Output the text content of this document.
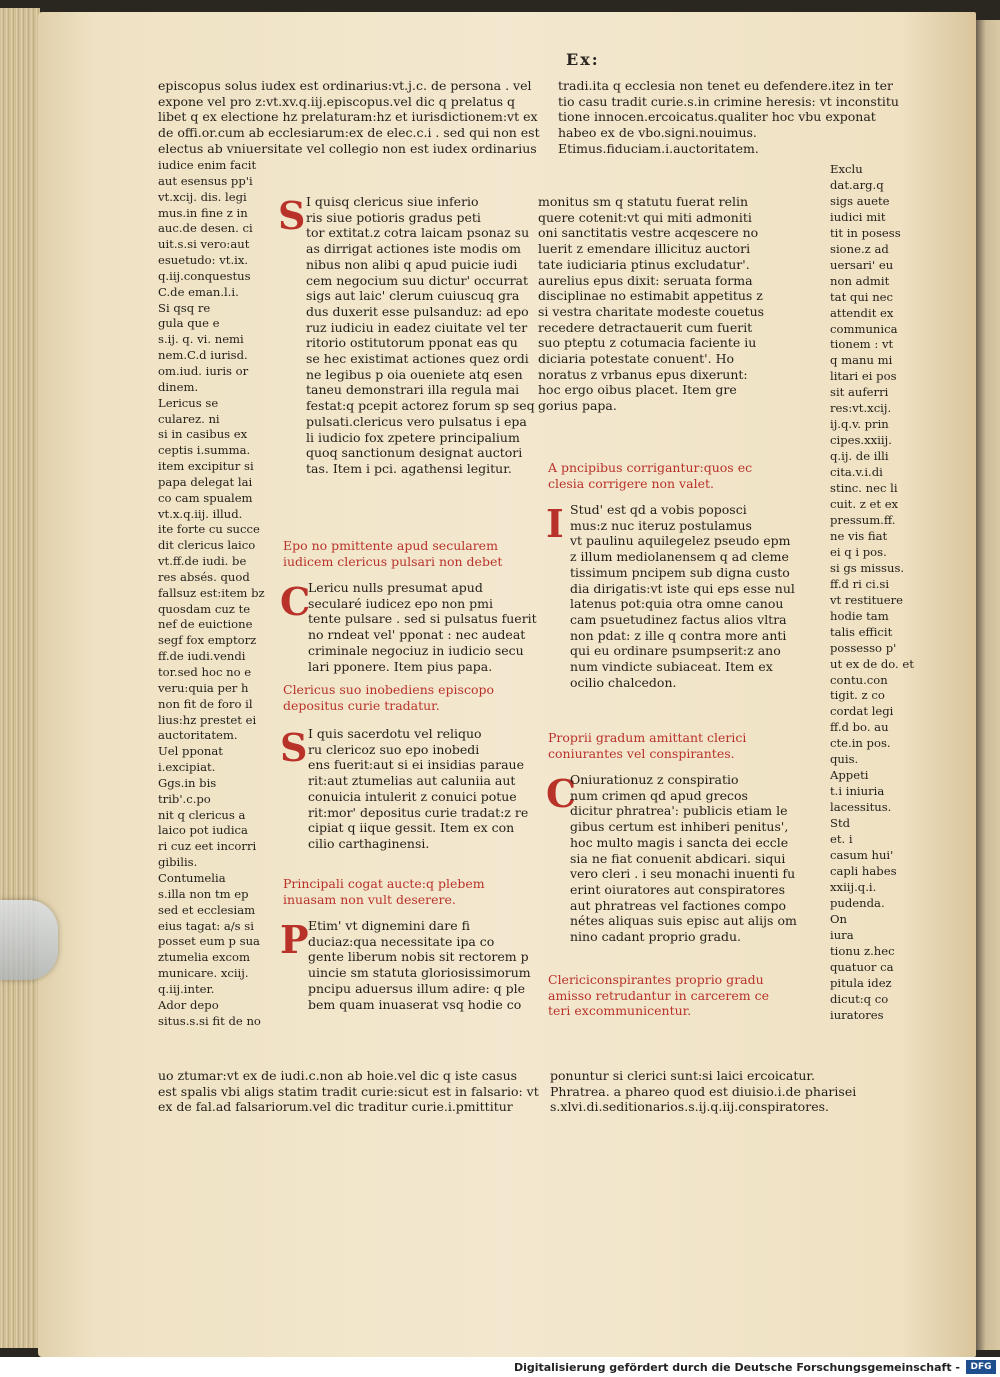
Ex:
episcopus solus iudex est ordinarius:vt.j.c. de persona . vel
expone vel pro z:vt.xv.q.iij.episcopus.vel dic q prelatus q
libet q ex electione hz prelaturam:hz et iurisdictionem:vt ex
de offi.or.cum ab ecclesiarum:ex de elec.c.i . sed qui non est
electus ab vniuersitate vel collegio non est iudex ordinarius
tradi.ita q ecclesia non tenet eu defendere.itez in ter
tio casu tradit curie.s.in crimine heresis: vt inconstitu
tione innocen.ercoicatus.qualiter hoc vbu exponat
habeo ex de vbo.signi.nouimus.
Etimus.fiduciam.i.auctoritatem.
iudice enim facit
aut esensus pp'i
vt.xcij. dis. legi
mus.in fine z in
auc.de desen. ci
uit.s.si vero:aut
esuetudo: vt.ix.
q.iij.conquestus
C.de eman.l.i.
Si qsq re
gula que e
s.ij. q. vi. nemi
nem.C.d iurisd.
om.iud. iuris or
dinem.
Lericus se
cularez. ni
si in casibus ex
ceptis i.summa.
item excipitur si
papa delegat lai
co cam spualem
vt.x.q.iij. illud.
ite forte cu succe
dit clericus laico
vt.ff.de iudi. be
res absés. quod
fallsuz est:item bz
quosdam cuz te
nef de euictione
segf fox emptorz
ff.de iudi.vendi
tor.sed hoc no e
veru:quia per h
non fit de foro il
lius:hz prestet ei
auctoritatem.
Uel pponat
i.excipiat.
Ggs.in bis
trib'.c.po
nit q clericus a
laico pot iudica
ri cuz eet incorri
gibilis.
Contumelia
s.illa non tm ep
sed et ecclesiam
eius tagat: a/s si
posset eum p sua
ztumelia excom
municare. xciij.
q.iij.inter.
Ador depo
situs.s.si fit de no
S I quisq clericus siue inferio
ris siue potioris gradus peti
tor extitat.z cotra laicam psonaz su
as dirrigat actiones iste modis om
nibus non alibi q apud puicie iudi
cem negocium suu dictur' occurrat
sigs aut laic' clerum cuiuscuq gra
dus duxerit esse pulsanduz: ad epo
ruz iudiciu in eadez ciuitate vel ter
ritorio ostitutorum pponat eas qu
se hec existimat actiones quez ordi
ne legibus p oia oueniete atq esen
taneu demonstrari illa regula mai
festat:q pcepit actorez forum sp seq
pulsati.clericus vero pulsatus i epa
li iudicio fox zpetere principalium
quoq sanctionum designat auctori
tas. Item i pci. agathensi legitur.
Epo no pmittente apud secularem
iudicem clericus pulsari non debet
C
Lericu nulls presumat apud
secularé iudicez epo non pmi
tente pulsare . sed si pulsatus fuerit
no rndeat vel' pponat : nec audeat
criminale negociuz in iudicio secu
lari pponere. Item pius papa.
Clericus suo inobediens episcopo
depositus curie tradatur.
S I quis sacerdotu vel reliquo
ru clericoz suo epo inobedi
ens fuerit:aut si ei insidias paraue
rit:aut ztumelias aut caluniia aut
conuicia intulerit z conuici potue
rit:mor' depositus curie tradat:z re
cipiat q iique gessit. Item ex con
cilio carthaginensi.
Principali cogat aucte:q plebem
inuasam non vult deserere.
P Etim' vt dignemini dare fi
duciaz:qua necessitate ipa co
gente liberum nobis sit rectorem p
uincie sm statuta gloriosissimorum
pncipu aduersus illum adire: q ple
bem quam inuaserat vsq hodie co
monitus sm q statutu fuerat relin
quere cotenit:vt qui miti admoniti
oni sanctitatis vestre acqescere no
luerit z emendare illicituz auctori
tate iudiciaria ptinus excludatur'.
aurelius epus dixit: seruata forma
disciplinae no estimabit appetitus z
si vestra charitate modeste couetus
recedere detractauerit cum fuerit
suo pteptu z cotumacia faciente iu
diciaria potestate conuent'. Ho
noratus z vrbanus epus dixerunt:
hoc ergo oibus placet. Item gre
gorius papa.
A pncipibus corrigantur:quos ec
clesia corrigere non valet.
I Stud' est qd a vobis poposci
mus:z nuc iteruz postulamus
vt paulinu aquilegelez pseudo epm
z illum mediolanensem q ad cleme
tissimum pncipem sub digna custo
dia dirigatis:vt iste qui eps esse nul
latenus pot:quia otra omne canou
cam psuetudinez factus alios vltra
non pdat: z ille q contra more anti
qui eu ordinare psumpserit:z ano
num vindicte subiaceat. Item ex
ocilio chalcedon.
Proprii gradum amittant clerici
coniurantes vel conspirantes.
C
Oniurationuz z conspiratio
num crimen qd apud grecos
dicitur phratrea': publicis etiam le
gibus certum est inhiberi penitus',
hoc multo magis i sancta dei eccle
sia ne fiat conuenit abdicari. siqui
vero cleri . i seu monachi inuenti fu
erint oiuratores aut conspiratores
aut phratreas vel factiones compo
nétes aliquas suis episc aut alijs om
nino cadant proprio gradu.
Clericiconspirantes proprio gradu
amisso retrudantur in carcerem ce
teri excommunicentur.
Exclu
dat.arg.q
sigs auete
iudici mit
tit in posess
sione.z ad
uersari' eu
non admit
tat qui nec
attendit ex
communica
tionem : vt
q manu mi
litari ei pos
sit auferri
res:vt.xcij.
ij.q.v. prin
cipes.xxiij.
q.ij. de illi
cita.v.i.di
stinc. nec li
cuit. z et ex
pressum.ff.
ne vis fiat
ei q i pos.
si gs missus.
ff.d ri ci.si
vt restituere
hodie tam
talis efficit
possesso p'
ut ex de do. et
contu.con
tigit. z co
cordat legi
ff.d bo. au
cte.in pos.
quis.
Appeti
t.i iniuria
lacessitus.
Std
et. i
casum hui'
capli habes
xxiij.q.i.
pudenda.
On
iura
tionu z.hec
quatuor ca
pitula idez
dicut:q co
iuratores
uo ztumar:vt ex de iudi.c.non ab hoie.vel dic q iste casus
est spalis vbi aligs statim tradit curie:sicut est in falsario: vt
ex de fal.ad falsariorum.vel dic traditur curie.i.pmittitur
ponuntur si clerici sunt:si laici ercoicatur.
Phratrea. a phareo quod est diuisio.i.de pharisei
s.xlvi.di.seditionarios.s.ij.q.iij.conspiratores.
Digitalisierung gefördert durch die Deutsche Forschungsgemeinschaft -	DFG
